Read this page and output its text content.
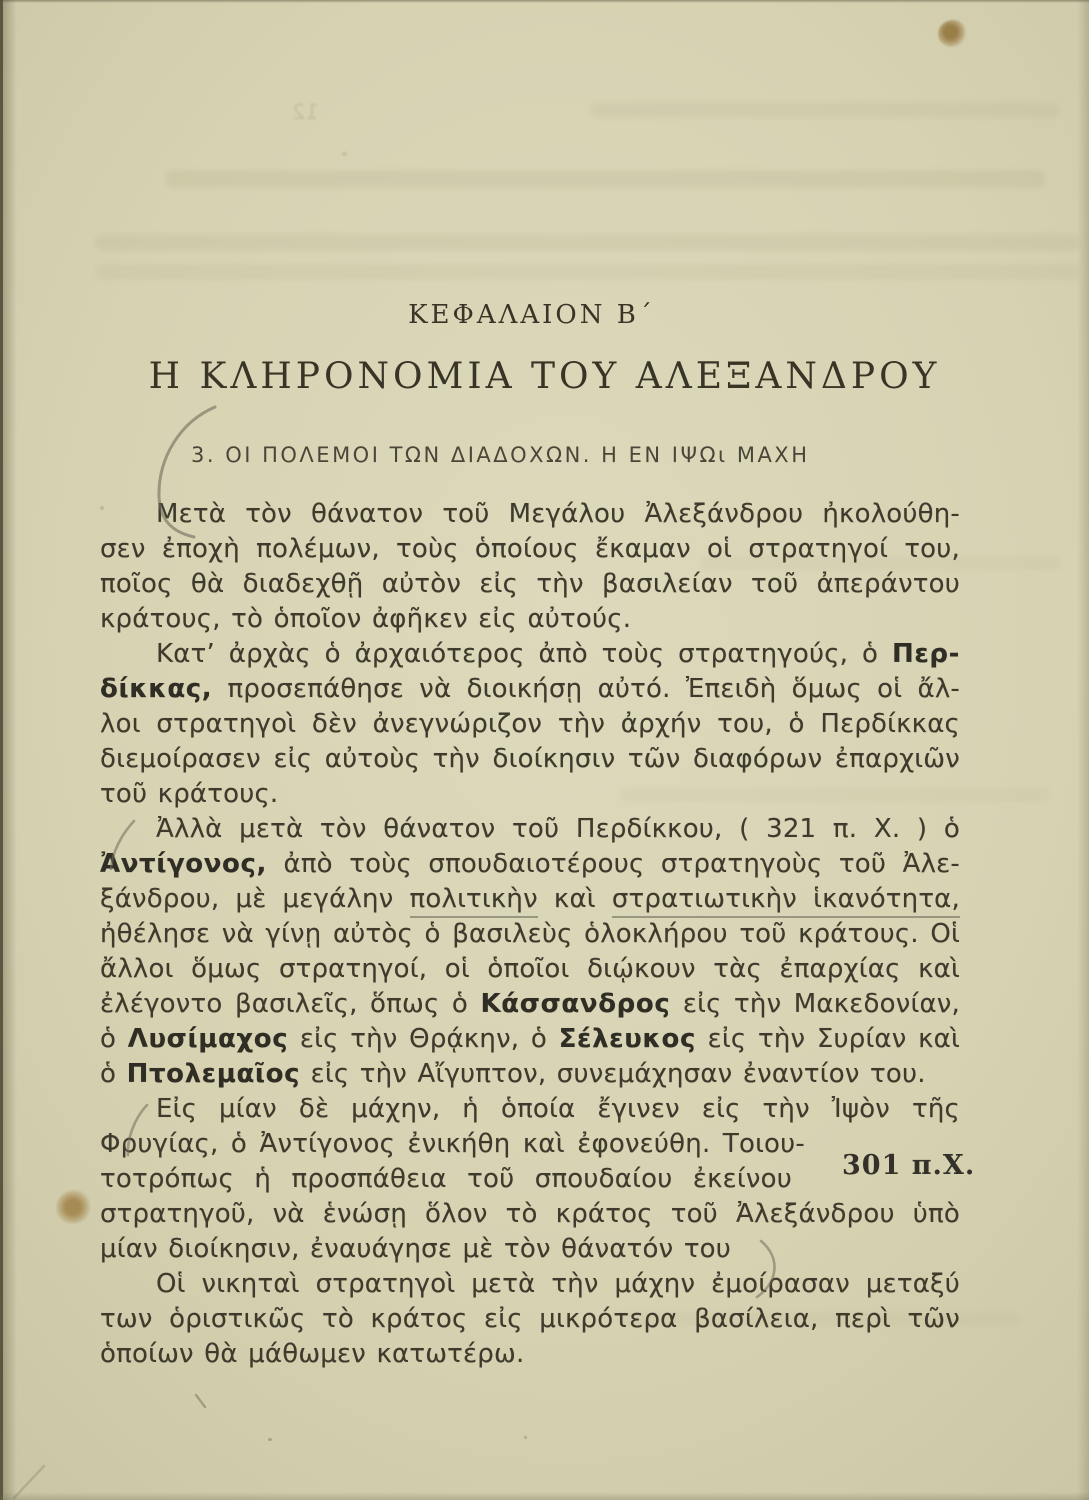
12
ΚΕΦΑΛΑΙΟΝ Β΄
Η ΚΛΗΡΟΝΟΜΙΑ ΤΟΥ ΑΛΕΞΑΝΔΡΟΥ
3. ΟΙ ΠΟΛΕΜΟΙ ΤΩΝ ΔΙΑΔΟΧΩΝ. Η ΕΝ ΙΨΩι ΜΑΧΗ
Μετὰ τὸν θάνατον τοῦ Μεγάλου Ἀλεξάνδρου ἠκολούθη-
σεν ἐποχὴ πολέμων, τοὺς ὁποίους ἔκαμαν οἱ στρατηγοί του,
ποῖος θὰ διαδεχθῇ αὐτὸν εἰς τὴν βασιλείαν τοῦ ἀπεράντου
κράτους, τὸ ὁποῖον ἀφῆκεν εἰς αὐτούς.
Κατ’ ἀρχὰς ὁ ἀρχαιότερος ἀπὸ τοὺς στρατηγούς, ὁ Περ-
δίκκας, προσεπάθησε νὰ διοικήσῃ αὐτό. Ἐπειδὴ ὅμως οἱ ἄλ-
λοι στρατηγοὶ δὲν ἀνεγνώριζον τὴν ἀρχήν του, ὁ Περδίκκας
διεμοίρασεν εἰς αὐτοὺς τὴν διοίκησιν τῶν διαφόρων ἐπαρχιῶν
τοῦ κράτους.
Ἀλλὰ μετὰ τὸν θάνατον τοῦ Περδίκκου, ( 321 π. Χ. ) ὁ
Ἀντίγονος, ἀπὸ τοὺς σπουδαιοτέρους στρατηγοὺς τοῦ Ἀλε-
ξάνδρου, μὲ μεγάλην πολιτικὴν καὶ στρατιωτικὴν ἱκανότητα,
ἠθέλησε νὰ γίνῃ αὐτὸς ὁ βασιλεὺς ὁλοκλήρου τοῦ κράτους. Οἱ
ἄλλοι ὅμως στρατηγοί, οἱ ὁποῖοι διῴκουν τὰς ἐπαρχίας καὶ
ἐλέγοντο βασιλεῖς, ὅπως ὁ Κάσσανδρος εἰς τὴν Μακεδονίαν,
ὁ Λυσίμαχος εἰς τὴν Θρᾴκην, ὁ Σέλευκος εἰς τὴν Συρίαν καὶ
ὁ Πτολεμαῖος εἰς τὴν Αἴγυπτον, συνεμάχησαν ἐναντίον του.
Εἰς μίαν δὲ μάχην, ἡ ὁποία ἔγινεν εἰς τὴν Ἰψὸν τῆς
Φρυγίας, ὁ Ἀντίγονος ἐνικήθη καὶ ἐφονεύθη. Τοιου-
τοτρόπως ἡ προσπάθεια τοῦ σπουδαίου ἐκείνου
στρατηγοῦ, νὰ ἑνώσῃ ὅλον τὸ κράτος τοῦ Ἀλεξάνδρου ὑπὸ
μίαν διοίκησιν, ἐναυάγησε μὲ τὸν θάνατόν του
Οἱ νικηταὶ στρατηγοὶ μετὰ τὴν μάχην ἐμοίρασαν μεταξύ
των ὁριστικῶς τὸ κράτος εἰς μικρότερα βασίλεια, περὶ τῶν
ὁποίων θὰ μάθωμεν κατωτέρω.
301 π.Χ.
